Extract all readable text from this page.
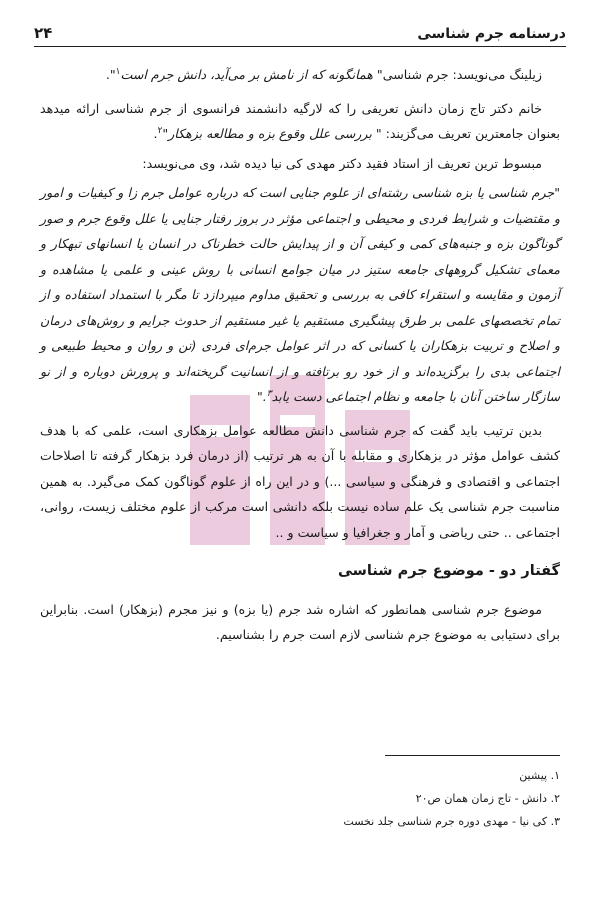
درسنامه جرم شناسی
۲۴

زیلینگ می‌نویسد: جرم شناسی" همانگونه که از نامش بر می‌آید، دانش جرم است$^۱$".

خانم دکتر تاج زمان دانش تعریفی را که لارگیه دانشمند فرانسوی از جرم شناسی ارائه میدهد بعنوان جامعترین تعریف می‌گزیند: " بررسی علل وقوع بزه و مطالعه بزهکار"$^۲$.

مبسوط ترین تعریف از استاد فقید دکتر مهدی کی نیا دیده شد، وی می‌نویسد:

"جرم شناسی یا بزه شناسی رشته‌ای از علوم جنایی است که درباره عوامل جرم زا و کیفیات و امور و مقتضیات و شرایط فردی و محیطی و اجتماعی مؤثر در بروز رفتار جنایی یا علل وقوع جرم و صور گوناگون بزه و جنبه‌های کمی و کیفی آن و از پیدایش حالت خطرناک در انسان یا انسانهای تبهکار و معمای تشکیل گروههای جامعه ستیز در میان جوامع انسانی با روش عینی و علمی یا مشاهده و آزمون و مقایسه و استقراء کافی به بررسی و تحقیق مداوم میپردازد تا مگر با استمداد استفاده و از تمام تخصصهای علمی بر طرق پیشگیری مستقیم یا غیر مستقیم از حدوث جرایم و روش‌های درمان و اصلاح و تربیت بزهکاران یا کسانی که در اثر عوامل جرم‌ای فردی (تن و روان و محیط طبیعی و اجتماعی بدی را برگزیده‌اند و از خود رو برتافته و از انسانیت گریخته‌اند و پرورش دوباره و از نو سازگار ساختن آنان با جامعه و نظام اجتماعی دست یابد$^۳$."

بدین ترتیب باید گفت که جرم شناسی دانش مطالعه عوامل بزهکاری است، علمی که با هدف کشف عوامل مؤثر در بزهکاری و مقابله با آن به هر ترتیب (از درمان فرد بزهکار گرفته تا اصلاحات اجتماعی و اقتصادی و فرهنگی و سیاسی ...) و در این راه از علوم گوناگون کمک می‌گیرد. به همین مناسبت جرم شناسی یک علم ساده نیست بلکه دانشی است مرکب از علوم مختلف زیست، روانی، اجتماعی .. حتی ریاضی و آمار و جغرافیا و سیاست و ..

گفتار دو - موضوع جرم شناسی

موضوع جرم شناسی همانطور که اشاره شد جرم (یا بزه) و نیز مجرم (بزهکار) است. بنابراین برای دستیابی به موضوع جرم شناسی لازم است جرم را بشناسیم.

۱. پیشین
۲. دانش - تاج زمان همان ص۲۰
۳. کی نیا - مهدی دوره جرم شناسی جلد نخست
